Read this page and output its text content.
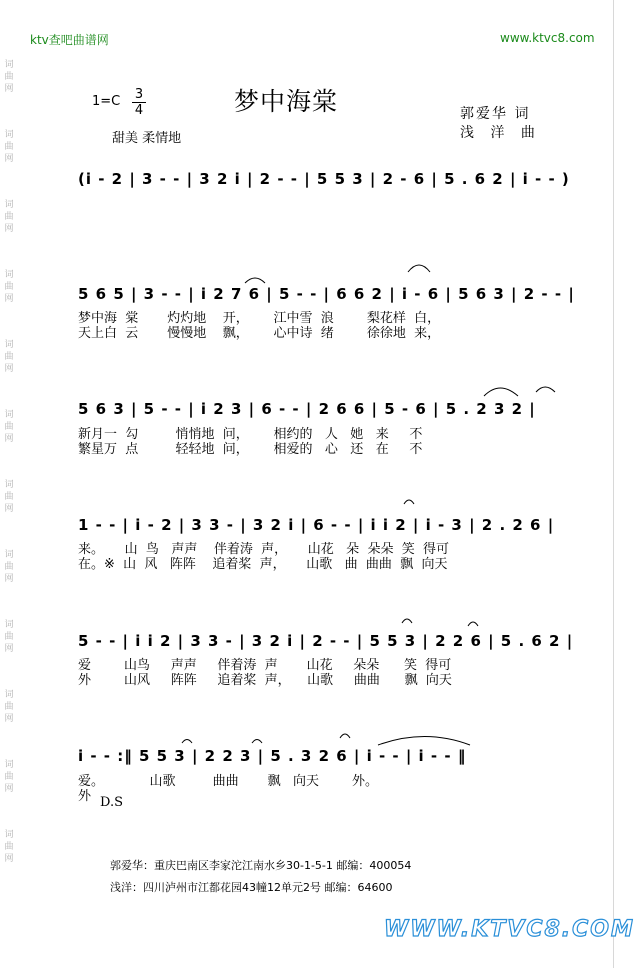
词
曲
网
词
曲
网
词
曲
网
词
曲
网
词
曲
网
词
曲
网
词
曲
网
词
曲
网
词
曲
网
词
曲
网
词
曲
网
词
曲
网
ktv查吧曲谱网	www.ktvc8.com
$1=C \frac{3}{4}$	梦中海棠	郭爱华 词
浅 洋 曲
甜美 柔情地
(i - 2 | 3 - - | 3 2 i | 2 - - | 5 5 3 | 2 - 6 | 5 . 6 2 | i - - )
5 6 5 | 3 - - | i 2 7 6 | 5 - - | 6 6 2 | i - 6 | 5 6 3 | 2 - - |
梦中海  棠       灼灼地    开，      江中雪  浪        梨花样  白，
天上白  云       慢慢地    飘，      心中诗  绪        徐徐地  来，
5 6 3 | 5 - - | i 2 3 | 6 - - | 2 6 6 | 5 - 6 | 5 . 2 3 2 |
新月一  勾         悄悄地  问，      相约的   人   她   来     不
繁星万  点         轻轻地  问，      相爱的   心   还   在     不
1 - - | i - 2 | 3 3 - | 3 2 i | 6 - - | i i 2 | i - 3 | 2 . 2 6 |
来。     山  鸟   声声    伴着涛  声，     山花   朵  朵朵  笑  得可
在。※  山  风   阵阵    追着桨  声，     山歌   曲  曲曲  飘  向天
5 - - | i i 2 | 3 3 - | 3 2 i | 2 - - | 5 5 3 | 2 2 6 | 5 . 6 2 |
爱        山鸟     声声     伴着涛  声       山花     朵朵      笑  得可
外        山风     阵阵     追着桨  声，    山歌     曲曲      飘  向天
i - - :‖ 5 5 3 | 2 2 3 | 5 . 3 2 6 | i - - | i - - ‖
爱。           山歌         曲曲       飘   向天        外。
外 D.S
郭爱华：重庆巴南区李家沱江南水乡30-1-5-1 邮编：400054
浅洋：四川泸州市江都花园43幢12单元2号 邮编：64600
WWW.KTVC8.COM
